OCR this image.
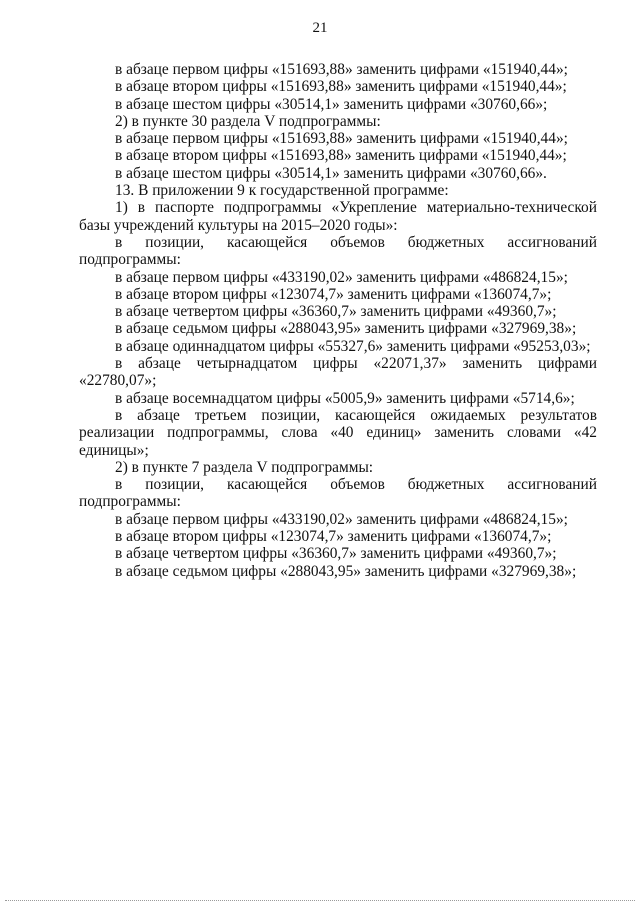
21

в абзаце первом цифры «151693,88» заменить цифрами «151940,44»;

в абзаце втором цифры «151693,88» заменить цифрами «151940,44»;

в абзаце шестом цифры «30514,1» заменить цифрами «30760,66»;

2) в пункте 30 раздела V подпрограммы:

в абзаце первом цифры «151693,88» заменить цифрами «151940,44»;

в абзаце втором цифры «151693,88» заменить цифрами «151940,44»;

в абзаце шестом цифры «30514,1» заменить цифрами «30760,66».

13. В приложении 9 к государственной программе:

1) в паспорте подпрограммы «Укрепление материально-технической базы учреждений культуры на 2015–2020 годы»:

в позиции, касающейся объемов бюджетных ассигнований подпрограммы:

в абзаце первом цифры «433190,02» заменить цифрами «486824,15»;

в абзаце втором цифры «123074,7» заменить цифрами «136074,7»;

в абзаце четвертом цифры «36360,7» заменить цифрами «49360,7»;

в абзаце седьмом цифры «288043,95» заменить цифрами «327969,38»;

в абзаце одиннадцатом цифры «55327,6» заменить цифрами «95253,03»;

в абзаце четырнадцатом цифры «22071,37» заменить цифрами «22780,07»;

в абзаце восемнадцатом цифры «5005,9» заменить цифрами «5714,6»;

в абзаце третьем позиции, касающейся ожидаемых результатов реализации подпрограммы, слова «40 единиц» заменить словами «42 единицы»;

2) в пункте 7 раздела V подпрограммы:

в позиции, касающейся объемов бюджетных ассигнований подпрограммы:

в абзаце первом цифры «433190,02» заменить цифрами «486824,15»;

в абзаце втором цифры «123074,7» заменить цифрами «136074,7»;

в абзаце четвертом цифры «36360,7» заменить цифрами «49360,7»;

в абзаце седьмом цифры «288043,95» заменить цифрами «327969,38»;
